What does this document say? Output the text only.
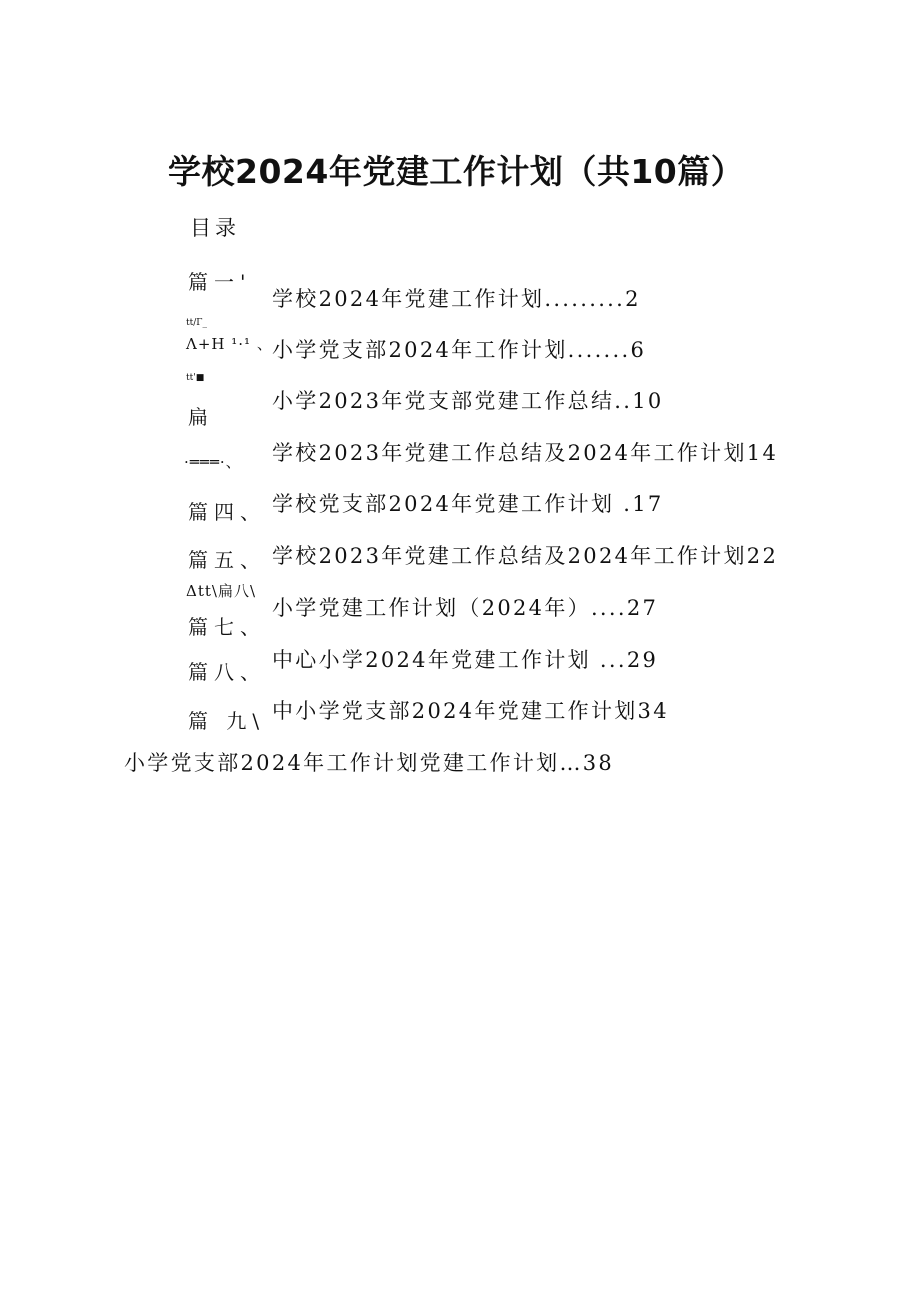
学校2024年党建工作计划（共10篇）
目录
篇一'
tt/Γ_
Λ+H ¹·¹ 、
tt'■
扁
·═══·、
篇四、
篇五、
Δtt\扁八\
篇七、
篇八、
篇 九\
学校2024年党建工作计划.........2
小学党支部2024年工作计划.......6
小学2023年党支部党建工作总结..10
学校2023年党建工作总结及2024年工作计划14
学校党支部2024年党建工作计划 .17
学校2023年党建工作总结及2024年工作计划22
小学党建工作计划（2024年）....27
中心小学2024年党建工作计划 ...29
中小学党支部2024年党建工作计划34
小学党支部2024年工作计划党建工作计划…38
